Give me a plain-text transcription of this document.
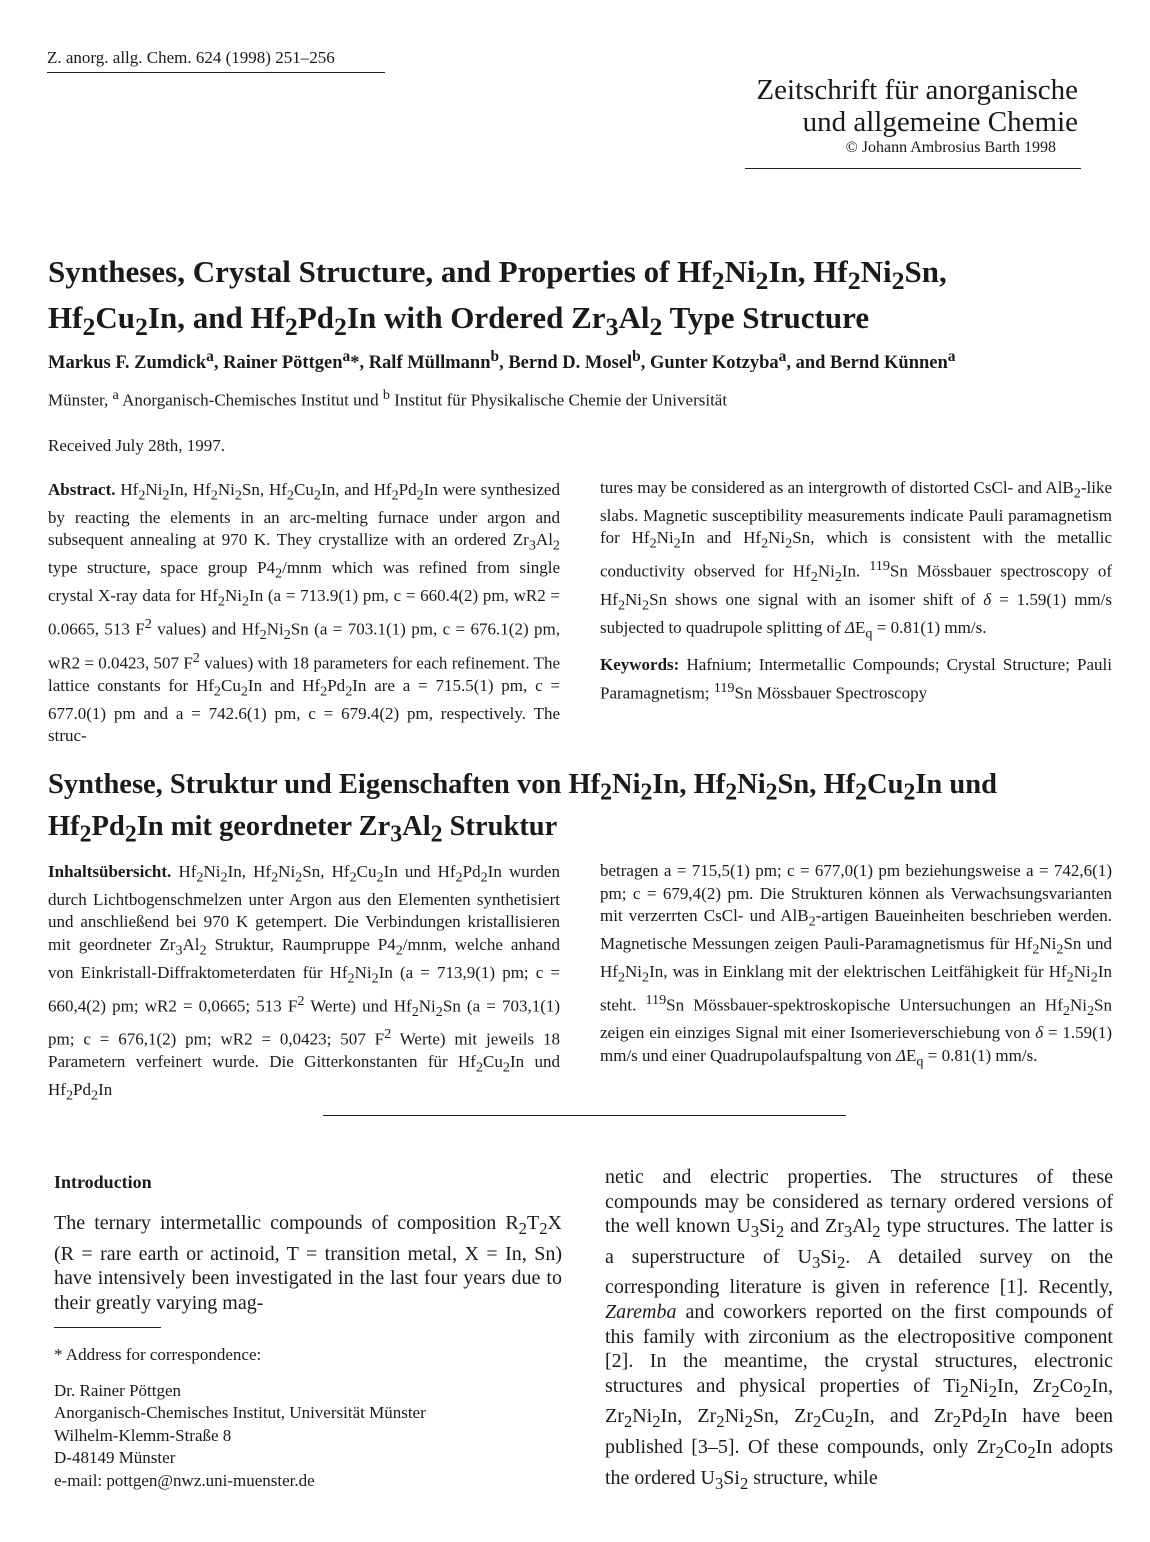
Z. anorg. allg. Chem. 624 (1998) 251–256
Zeitschrift für anorganische
und allgemeine Chemie
© Johann Ambrosius Barth 1998
Syntheses, Crystal Structure, and Properties of $Hf_2Ni_2In$, $Hf_2Ni_2Sn$,
$Hf_2Cu_2In$, and $Hf_2Pd_2In$ with Ordered $Zr_3Al_2$ Type Structure
Markus F. Zumdick$^a$, Rainer Pöttgen$^a$*, Ralf Müllmann$^b$, Bernd D. Mosel$^b$, Gunter Kotzyba$^a$, and Bernd Künnen$^a$
Münster, $^a$ Anorganisch-Chemisches Institut und $^b$ Institut für Physikalische Chemie der Universität
Received July 28th, 1997.
Abstract. $Hf_2Ni_2In$, $Hf_2Ni_2Sn$, $Hf_2Cu_2In$, and $Hf_2Pd_2In$ were synthesized by reacting the elements in an arc-melting furnace under argon and subsequent annealing at 970 K. They crystallize with an ordered $Zr_3Al_2$ type structure, space group $P4_2$/mnm which was refined from single crystal X-ray data for $Hf_2Ni_2In$ (a = 713.9(1) pm, c = 660.4(2) pm, wR2 = 0.0665, 513 $F^2$ values) and $Hf_2Ni_2Sn$ (a = 703.1(1) pm, c = 676.1(2) pm, wR2 = 0.0423, 507 $F^2$ values) with 18 parameters for each refinement. The lattice constants for $Hf_2Cu_2In$ and $Hf_2Pd_2In$ are a = 715.5(1) pm, c = 677.0(1) pm and a = 742.6(1) pm, c = 679.4(2) pm, respectively. The struc-
tures may be considered as an intergrowth of distorted CsCl- and AlB$_2$-like slabs. Magnetic susceptibility measurements indicate Pauli paramagnetism for $Hf_2Ni_2In$ and $Hf_2Ni_2Sn$, which is consistent with the metallic conductivity observed for $Hf_2Ni_2In$. $^{119}$Sn Mössbauer spectroscopy of $Hf_2Ni_2Sn$ shows one signal with an isomer shift of δ = 1.59(1) mm/s subjected to quadrupole splitting of $\Delta E_q = 0.81(1)$ mm/s.
Keywords: Hafnium; Intermetallic Compounds; Crystal Structure; Pauli Paramagnetism; $^{119}$Sn Mössbauer Spectroscopy
Synthese, Struktur und Eigenschaften von $Hf_2Ni_2In$, $Hf_2Ni_2Sn$, $Hf_2Cu_2In$ und
$Hf_2Pd_2In$ mit geordneter $Zr_3Al_2$ Struktur
Inhaltsübersicht. $Hf_2Ni_2In$, $Hf_2Ni_2Sn$, $Hf_2Cu_2In$ und $Hf_2Pd_2In$ wurden durch Lichtbogenschmelzen unter Argon aus den Elementen synthetisiert und anschließend bei 970 K getempert. Die Verbindungen kristallisieren mit geordneter $Zr_3Al_2$ Struktur, Raumpruppe $P4_2$/mnm, welche anhand von Einkristall-Diffraktometerdaten für $Hf_2Ni_2In$ (a = 713,9(1) pm; c = 660,4(2) pm; wR2 = 0,0665; 513 $F^2$ Werte) und $Hf_2Ni_2Sn$ (a = 703,1(1) pm; c = 676,1(2) pm; wR2 = 0,0423; 507 $F^2$ Werte) mit jeweils 18 Parametern verfeinert wurde. Die Gitterkonstanten für $Hf_2Cu_2In$ und $Hf_2Pd_2In$
betragen a = 715,5(1) pm; c = 677,0(1) pm beziehungsweise a = 742,6(1) pm; c = 679,4(2) pm. Die Strukturen können als Verwachsungsvarianten mit verzerrten CsCl- und AlB$_2$-artigen Baueinheiten beschrieben werden. Magnetische Messungen zeigen Pauli-Paramagnetismus für $Hf_2Ni_2Sn$ und $Hf_2Ni_2In$, was in Einklang mit der elektrischen Leitfähigkeit für $Hf_2Ni_2In$ steht. $^{119}$Sn Mössbauer-spektroskopische Untersuchungen an $Hf_2Ni_2Sn$ zeigen ein einziges Signal mit einer Isomerieverschiebung von δ = 1.59(1) mm/s und einer Quadrupolaufspaltung von $\Delta E_q = 0.81(1)$ mm/s.
Introduction
The ternary intermetallic compounds of composition $R_2T_2X$ (R = rare earth or actinoid, T = transition metal, X = In, Sn) have intensively been investigated in the last four years due to their greatly varying mag-
netic and electric properties. The structures of these compounds may be considered as ternary ordered versions of the well known $U_3Si_2$ and $Zr_3Al_2$ type structures. The latter is a superstructure of $U_3Si_2$. A detailed survey on the corresponding literature is given in reference [1]. Recently, Zaremba and coworkers reported on the first compounds of this family with zirconium as the electropositive component [2]. In the meantime, the crystal structures, electronic structures and physical properties of $Ti_2Ni_2In$, $Zr_2Co_2In$, $Zr_2Ni_2In$, $Zr_2Ni_2Sn$, $Zr_2Cu_2In$, and $Zr_2Pd_2In$ have been published [3–5]. Of these compounds, only $Zr_2Co_2In$ adopts the ordered $U_3Si_2$ structure, while
* Address for correspondence:
Dr. Rainer Pöttgen
Anorganisch-Chemisches Institut, Universität Münster
Wilhelm-Klemm-Straße 8
D-48149 Münster
e-mail: pottgen@nwz.uni-muenster.de
